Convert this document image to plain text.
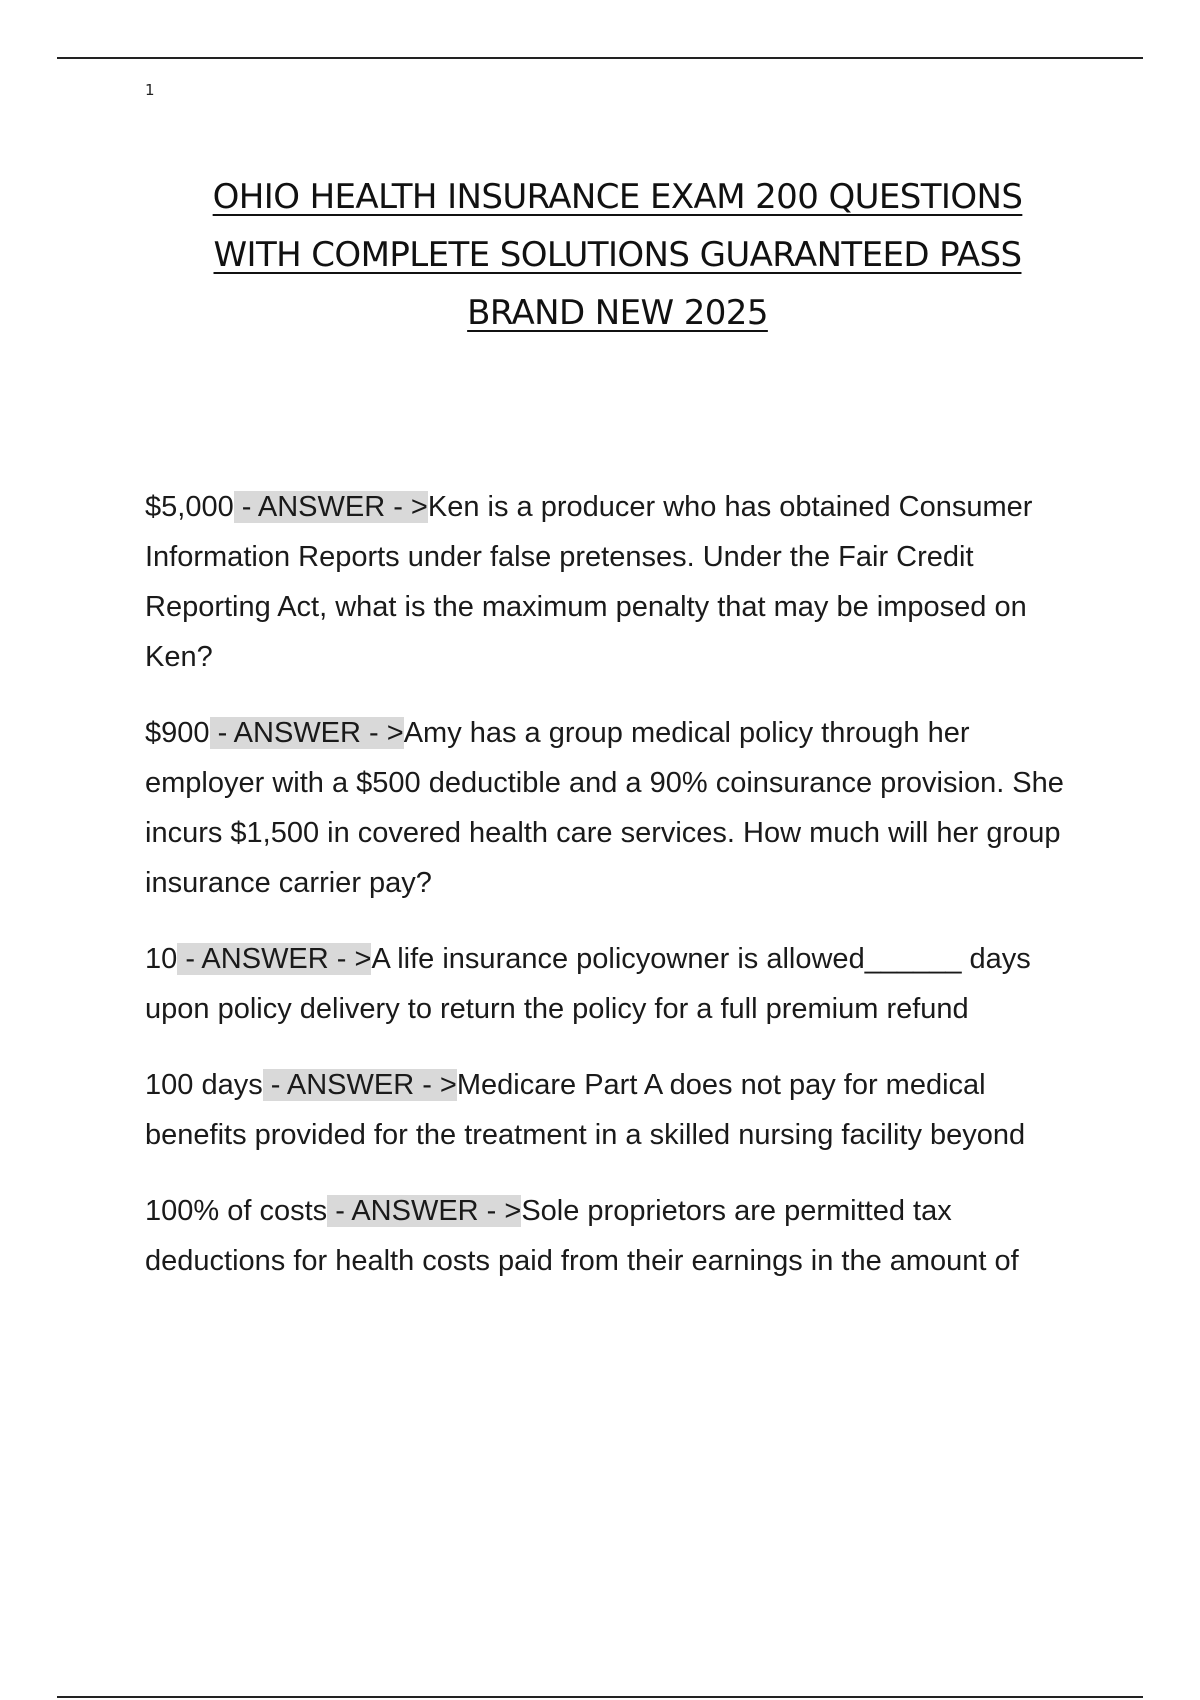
1
OHIO HEALTH INSURANCE EXAM 200 QUESTIONS
WITH COMPLETE SOLUTIONS GUARANTEED PASS
BRAND NEW 2025

$5,000 - ANSWER - >Ken is a producer who has obtained Consumer Information Reports under false pretenses. Under the Fair Credit Reporting Act, what is the maximum penalty that may be imposed on Ken?

$900 - ANSWER - >Amy has a group medical policy through her employer with a $500 deductible and a 90% coinsurance provision. She incurs $1,500 in covered health care services. How much will her group insurance carrier pay?

10 - ANSWER - >A life insurance policyowner is allowed______ days upon policy delivery to return the policy for a full premium refund

100 days - ANSWER - >Medicare Part A does not pay for medical benefits provided for the treatment in a skilled nursing facility beyond

100% of costs - ANSWER - >Sole proprietors are permitted tax deductions for health costs paid from their earnings in the amount of
